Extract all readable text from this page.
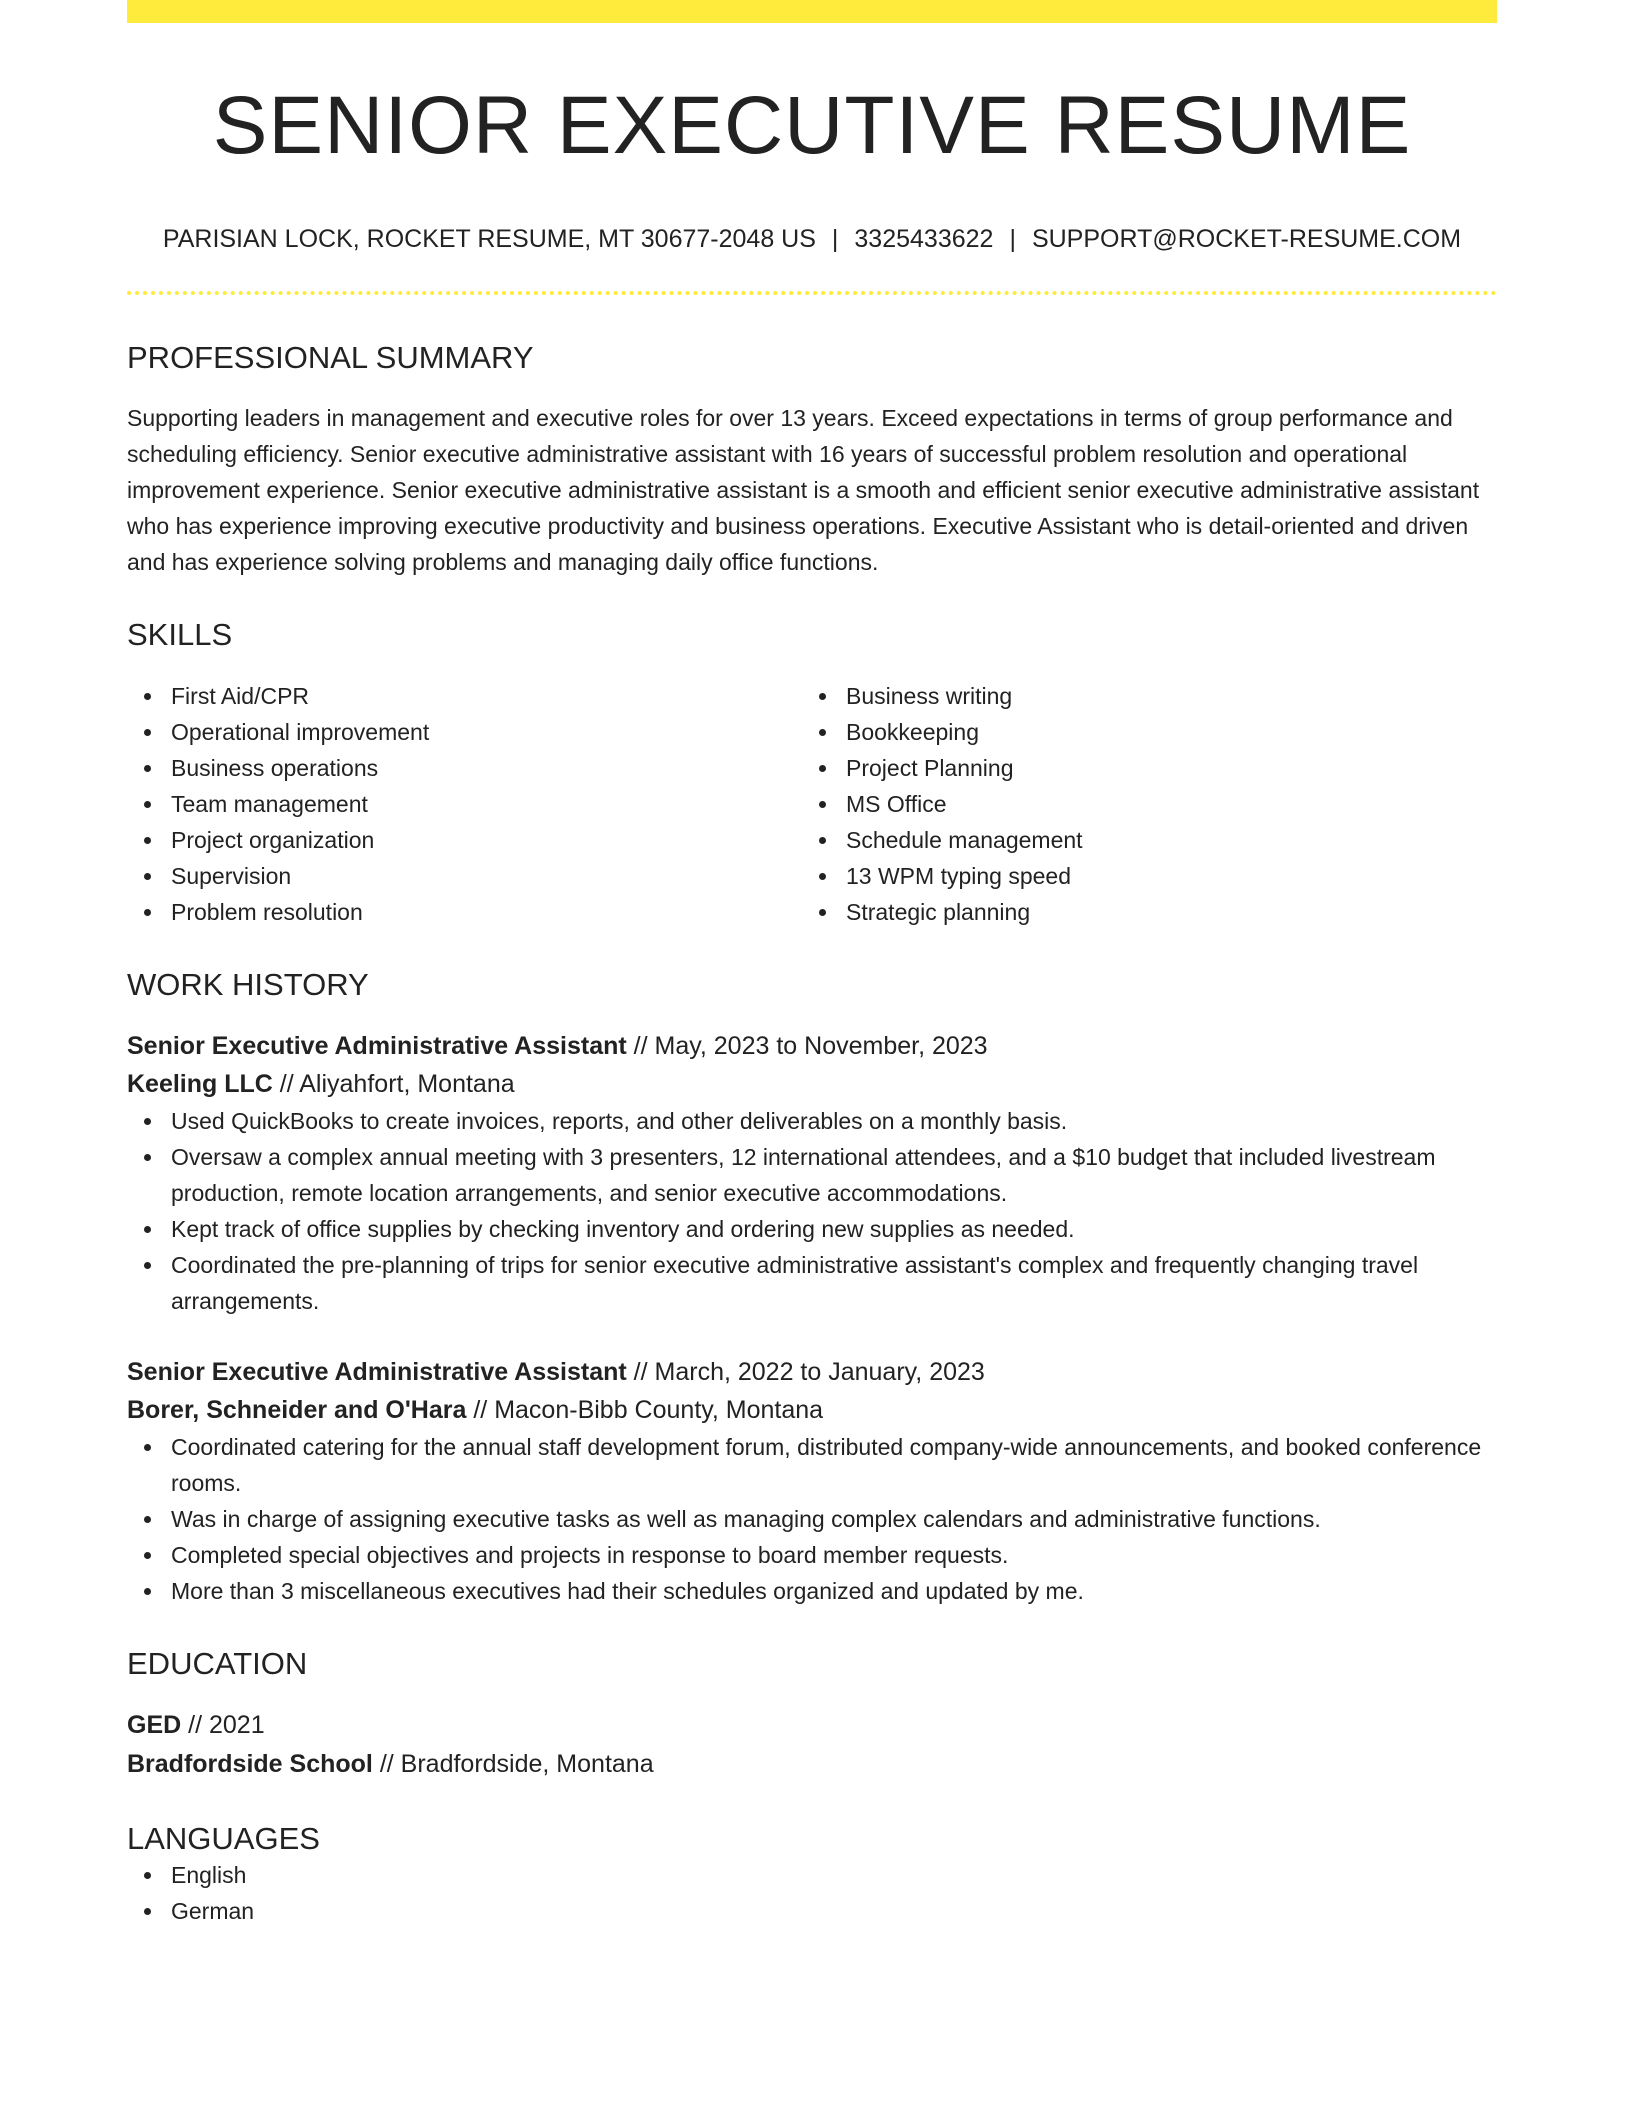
SENIOR EXECUTIVE RESUME
PARISIAN LOCK, ROCKET RESUME, MT 30677-2048 US | 3325433622 | SUPPORT@ROCKET-RESUME.COM
PROFESSIONAL SUMMARY
Supporting leaders in management and executive roles for over 13 years. Exceed expectations in terms of group performance and scheduling efficiency. Senior executive administrative assistant with 16 years of successful problem resolution and operational improvement experience. Senior executive administrative assistant is a smooth and efficient senior executive administrative assistant who has experience improving executive productivity and business operations. Executive Assistant who is detail-oriented and driven and has experience solving problems and managing daily office functions.
SKILLS
First Aid/CPR
Operational improvement
Business operations
Team management
Project organization
Supervision
Problem resolution
Business writing
Bookkeeping
Project Planning
MS Office
Schedule management
13 WPM typing speed
Strategic planning
WORK HISTORY
Senior Executive Administrative Assistant // May, 2023 to November, 2023
Keeling LLC // Aliyahfort, Montana
Used QuickBooks to create invoices, reports, and other deliverables on a monthly basis.
Oversaw a complex annual meeting with 3 presenters, 12 international attendees, and a $10 budget that included livestream production, remote location arrangements, and senior executive accommodations.
Kept track of office supplies by checking inventory and ordering new supplies as needed.
Coordinated the pre-planning of trips for senior executive administrative assistant's complex and frequently changing travel arrangements.
Senior Executive Administrative Assistant // March, 2022 to January, 2023
Borer, Schneider and O'Hara // Macon-Bibb County, Montana
Coordinated catering for the annual staff development forum, distributed company-wide announcements, and booked conference rooms.
Was in charge of assigning executive tasks as well as managing complex calendars and administrative functions.
Completed special objectives and projects in response to board member requests.
More than 3 miscellaneous executives had their schedules organized and updated by me.
EDUCATION
GED // 2021
Bradfordside School // Bradfordside, Montana
LANGUAGES
English
German
